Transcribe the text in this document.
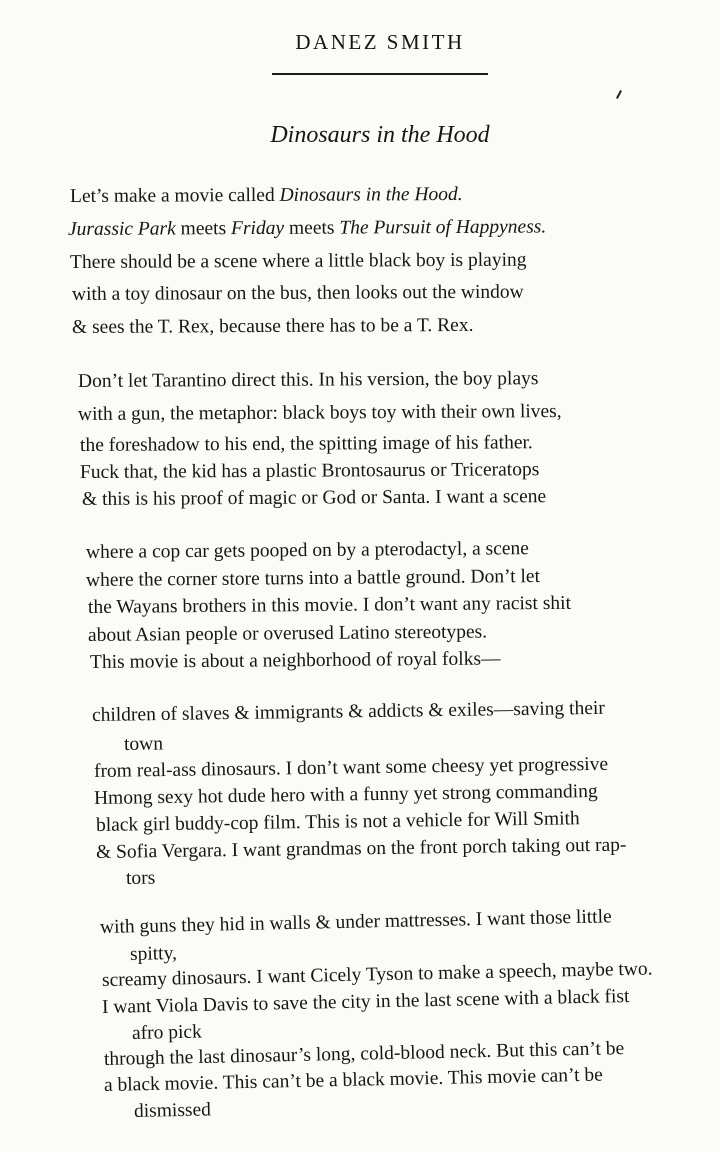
DANEZ SMITH
Dinosaurs in the Hood
Let’s make a movie called Dinosaurs in the Hood.
Jurassic Park meets Friday meets The Pursuit of Happyness.
There should be a scene where a little black boy is playing
with a toy dinosaur on the bus, then looks out the window
& sees the T. Rex, because there has to be a T. Rex.
Don’t let Tarantino direct this. In his version, the boy plays
with a gun, the metaphor: black boys toy with their own lives,
the foreshadow to his end, the spitting image of his father.
Fuck that, the kid has a plastic Brontosaurus or Triceratops
& this is his proof of magic or God or Santa. I want a scene
where a cop car gets pooped on by a pterodactyl, a scene
where the corner store turns into a battle ground. Don’t let
the Wayans brothers in this movie. I don’t want any racist shit
about Asian people or overused Latino stereotypes.
This movie is about a neighborhood of royal folks—
children of slaves & immigrants & addicts & exiles—saving their
town
from real-ass dinosaurs. I don’t want some cheesy yet progressive
Hmong sexy hot dude hero with a funny yet strong commanding
black girl buddy-cop film. This is not a vehicle for Will Smith
& Sofia Vergara. I want grandmas on the front porch taking out rap-
tors
with guns they hid in walls & under mattresses. I want those little
spitty,
screamy dinosaurs. I want Cicely Tyson to make a speech, maybe two.
I want Viola Davis to save the city in the last scene with a black fist
afro pick
through the last dinosaur’s long, cold-blood neck. But this can’t be
a black movie. This can’t be a black movie. This movie can’t be
dismissed
